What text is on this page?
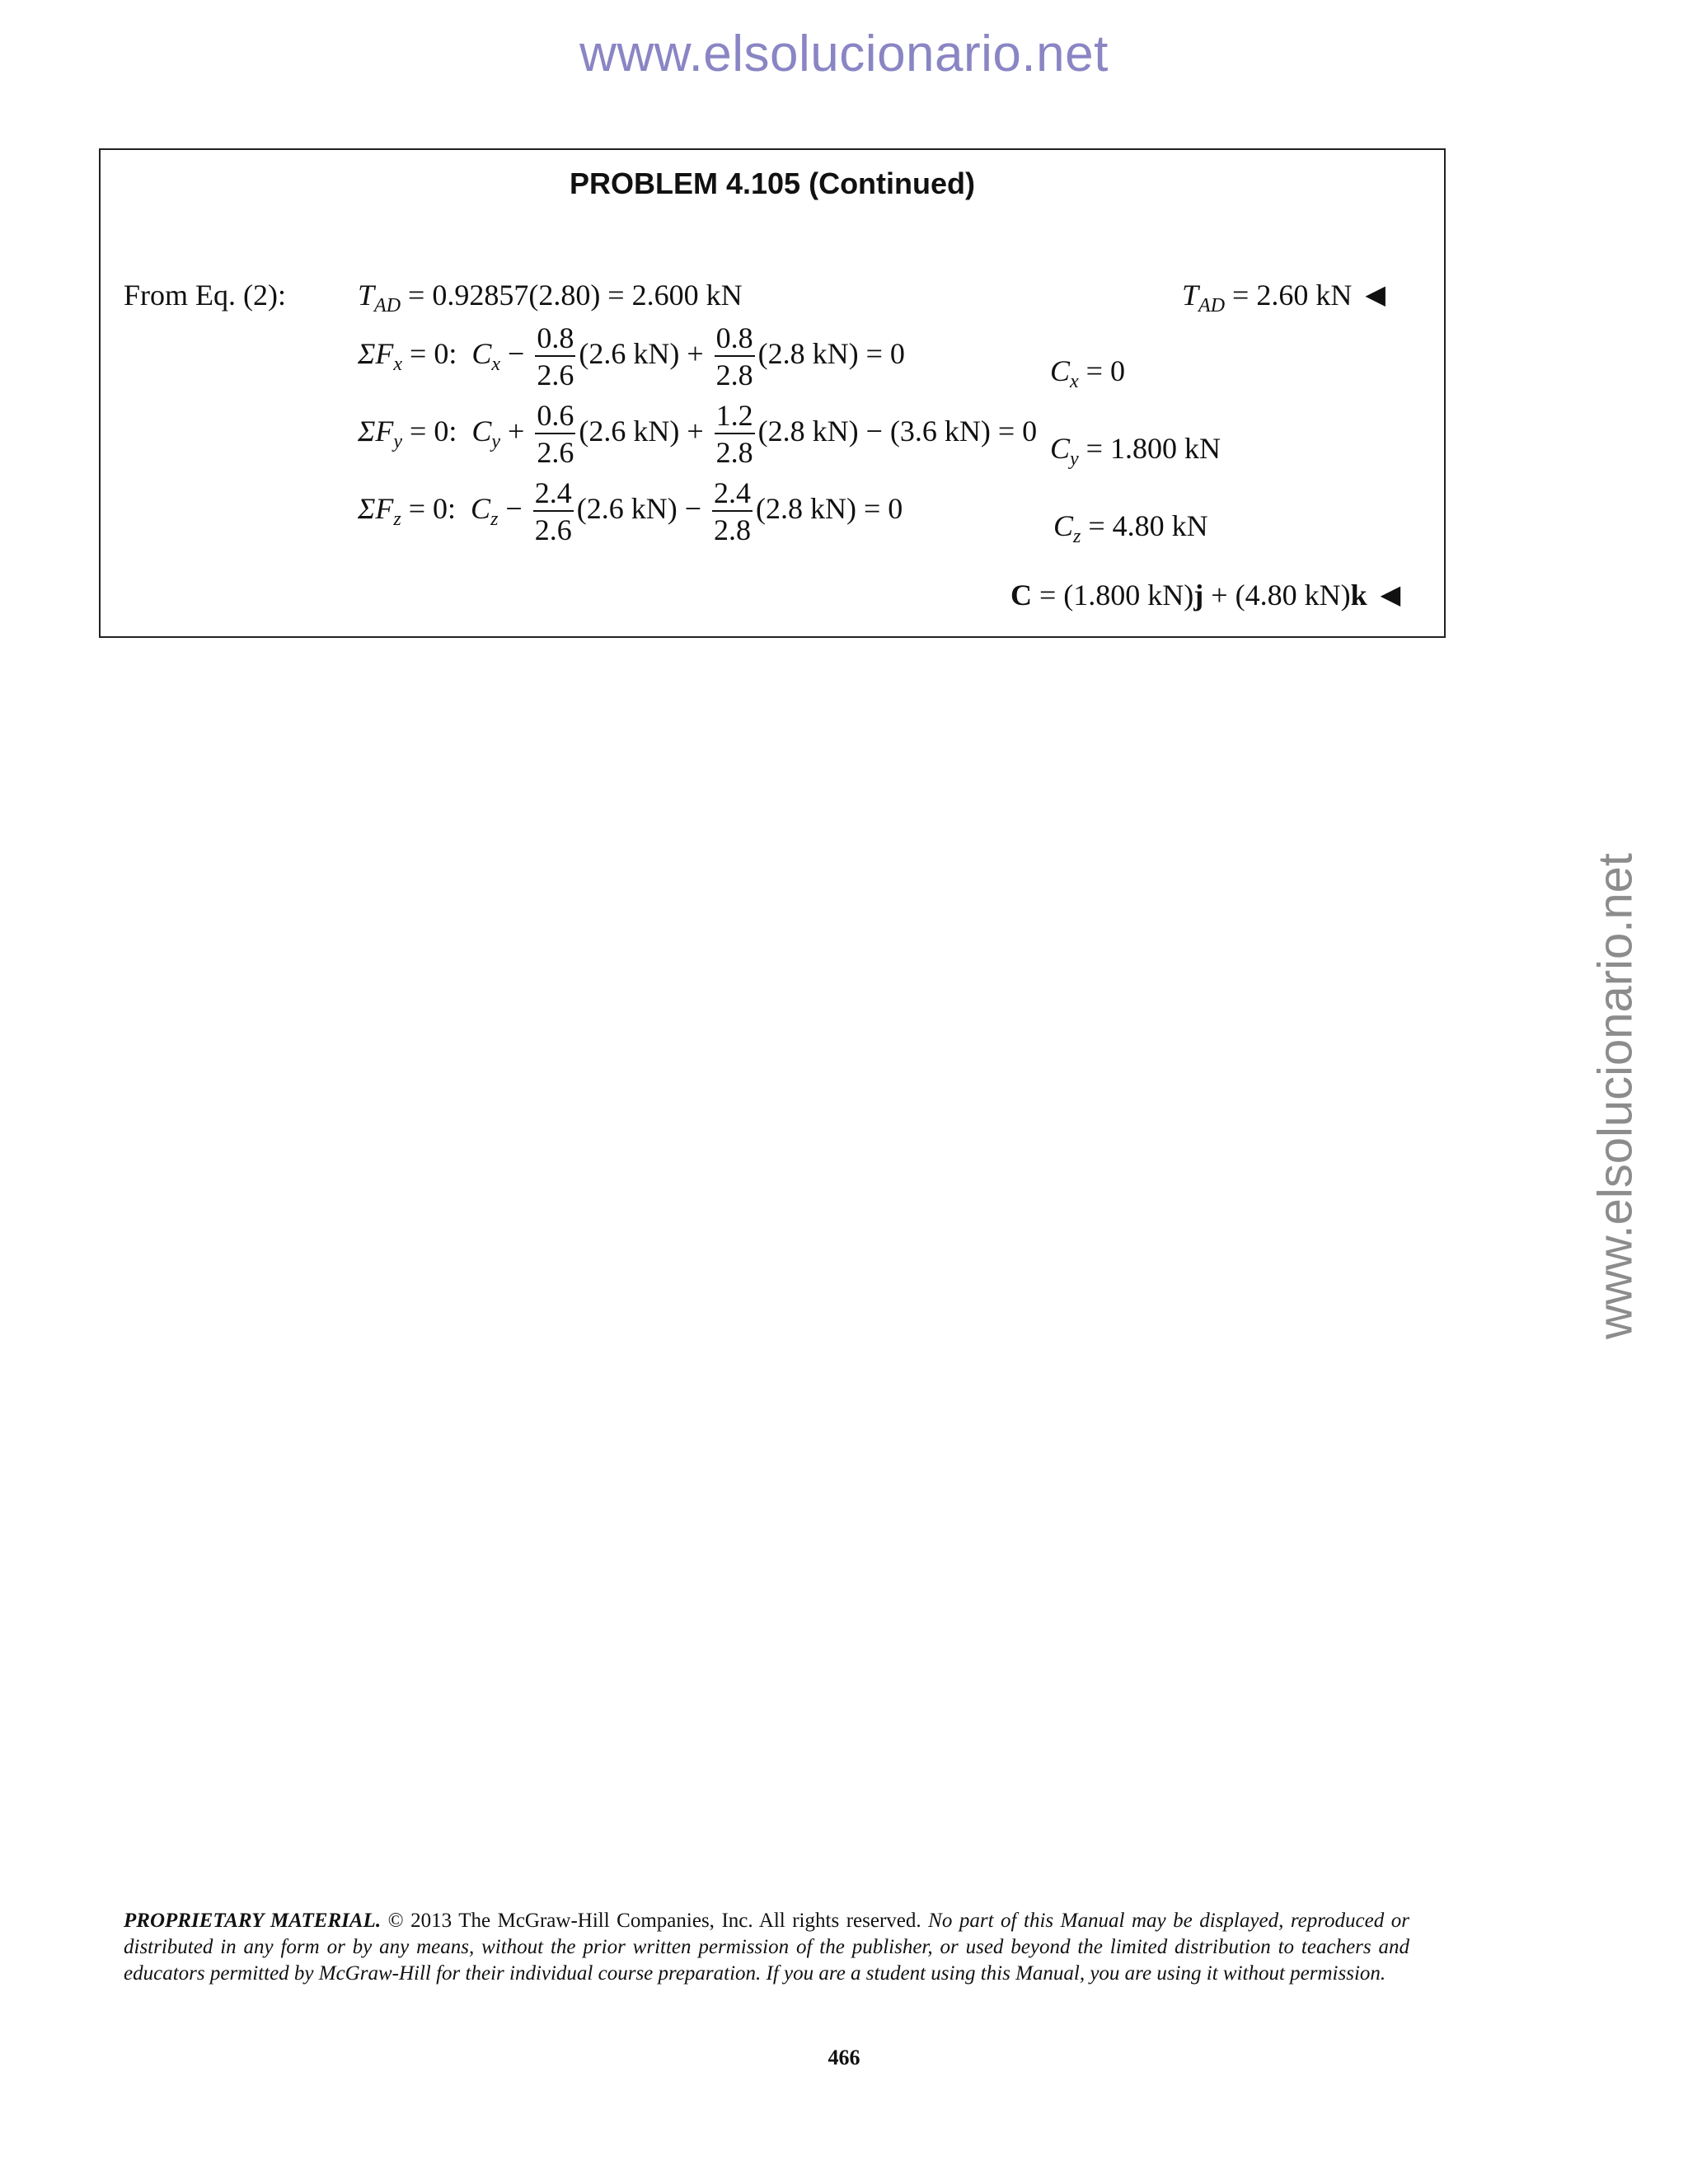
www.elsolucionario.net
www.elsolucionario.net
PROBLEM 4.105 (Continued)
From Eq. (2): $T_{AD} = 0.92857(2.80) = 2.600$ kN	$T_{AD} = 2.60$ kN ◀
$\Sigma F_x = 0$: $C_x - \frac{0.8}{2.6} (2.6$ $kN) + \frac{0.8}{2.8} (2.8$ kN) = 0
$C_x = 0$
$\Sigma F_y = 0$: $C_y + \frac{0.6}{2.6} (2.6$ $kN) + \frac{1.2}{2.8} (2.8$ kN) − (3.6 kN) = 0
$C_y = 1.800$ kN
$\Sigma F_z = 0$: $C_z - \frac{2.4}{2.6} (2.6$ $kN) - \frac{2.4}{2.8} (2.8$ kN) = 0
$C_z = 4.80$ kN
C = (1.800 kN)j + (4.80 kN)k ◀
PROPRIETARY MATERIAL. © 2013 The McGraw-Hill Companies, Inc. All rights reserved. No part of this Manual may be displayed, reproduced or distributed in any form or by any means, without the prior written permission of the publisher, or used beyond the limited distribution to teachers and educators permitted by McGraw-Hill for their individual course preparation. If you are a student using this Manual, you are using it without permission.
466
